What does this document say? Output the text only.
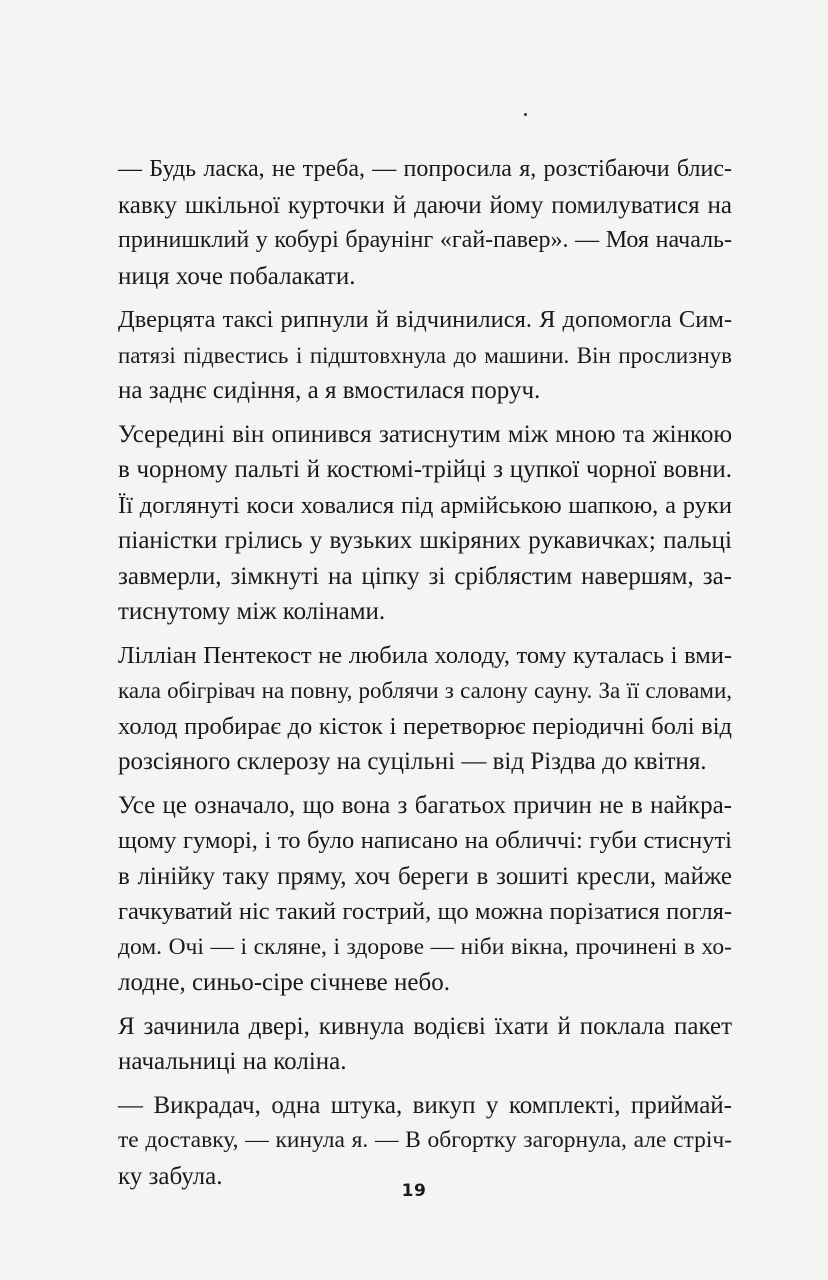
— Будь ласка, не треба, — попросила я, розстібаючи блис-
кавку шкільної курточки й даючи йому помилуватися на
принишклий у кобурі браунінг «гай-павер». — Моя началь-
ниця хоче побалакати.

Дверцята таксі рипнули й відчинилися. Я допомогла Сим-
патязі підвестись і підштовхнула до машини. Він прослизнув
на заднє сидіння, а я вмостилася поруч.

Усередині він опинився затиснутим між мною та жінкою
в чорному пальті й костюмі-трійці з цупкої чорної вовни.
Її доглянуті коси ховалися під армійською шапкою, а руки
піаністки грілись у вузьких шкіряних рукавичках; пальці
завмерли, зімкнуті на ціпку зі сріблястим навершям, за-
тиснутому між колінами.

Лілліан Пентекост не любила холоду, тому куталась і вми-
кала обігрівач на повну, роблячи з салону сауну. За її словами,
холод пробирає до кісток і перетворює періодичні болі від
розсіяного склерозу на суцільні — від Різдва до квітня.

Усе це означало, що вона з багатьох причин не в найкра-
щому гуморі, і то було написано на обличчі: губи стиснуті
в лінійку таку пряму, хоч береги в зошиті кресли, майже
гачкуватий ніс такий гострий, що можна порізатися погля-
дом. Очі — і скляне, і здорове — ніби вікна, прочинені в хо-
лодне, синьо-сіре січневе небо.

Я зачинила двері, кивнула водієві їхати й поклала пакет
начальниці на коліна.

— Викрадач, одна штука, викуп у комплекті, приймай-
те доставку, — кинула я. — В обгортку загорнула, але стріч-
ку забула.

19
